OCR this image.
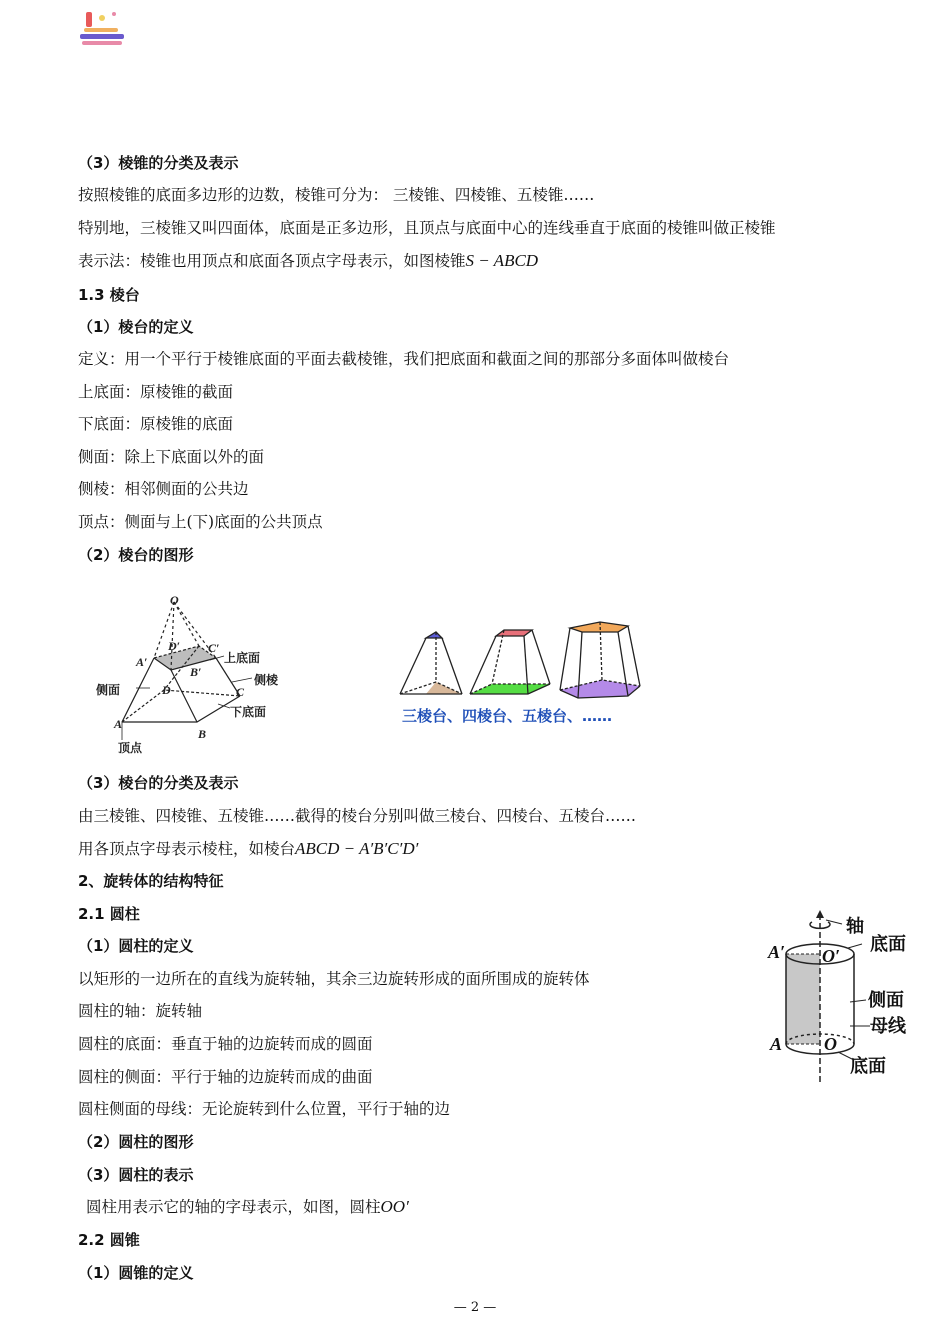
（3）棱锥的分类及表示
按照棱锥的底面多边形的边数，棱锥可分为： 三棱锥、四棱锥、五棱锥……
特别地，三棱锥又叫四面体，底面是正多边形，且顶点与底面中心的连线垂直于底面的棱锥叫做正棱锥
表示法：棱锥也用顶点和底面各顶点字母表示，如图棱锥S − ABCD
1.3 棱台
（1）棱台的定义
定义：用一个平行于棱锥底面的平面去截棱锥，我们把底面和截面之间的那部分多面体叫做棱台
上底面：原棱锥的截面
下底面：原棱锥的底面
侧面：除上下底面以外的面
侧棱：相邻侧面的公共边
顶点：侧面与上(下)底面的公共顶点
（2）棱台的图形
O
D′ C′
A′
B′
D	C
A
B
上底面
侧面
侧棱
下底面
顶点
三棱台、四棱台、五棱台、……
（3）棱台的分类及表示
由三棱锥、四棱锥、五棱锥……截得的棱台分别叫做三棱台、四棱台、五棱台……
用各顶点字母表示棱柱，如棱台ABCD − A′B′C′D′
2、旋转体的结构特征
2.1 圆柱
（1）圆柱的定义
以矩形的一边所在的直线为旋转轴，其余三边旋转形成的面所围成的旋转体
圆柱的轴：旋转轴
圆柱的底面：垂直于轴的边旋转而成的圆面
圆柱的侧面：平行于轴的边旋转而成的曲面
圆柱侧面的母线：无论旋转到什么位置，平行于轴的边
（2）圆柱的图形
（3）圆柱的表示
圆柱用表示它的轴的字母表示，如图，圆柱OO′
2.2 圆锥
（1）圆锥的定义
轴
底面
A′ O′
侧面
母线
A O
底面
— 2 —
